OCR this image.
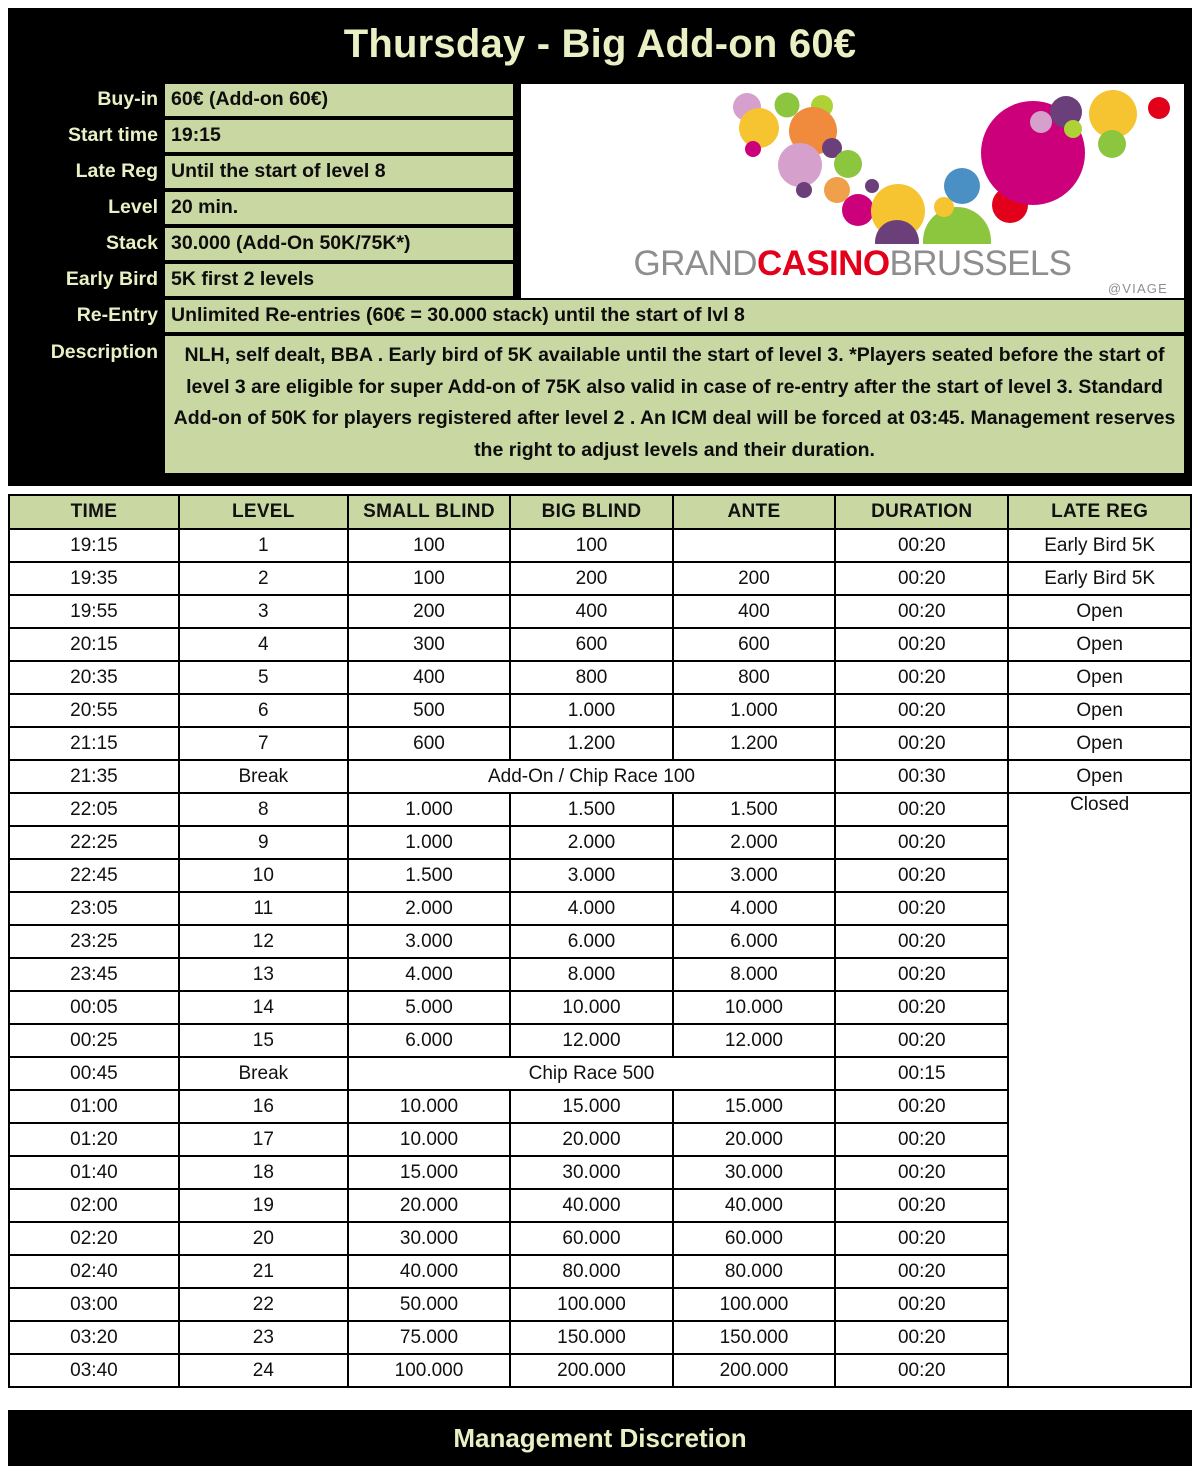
Thursday - Big Add-on 60€
Buy-in 60€ (Add-on 60€)
Start time 19:15
Late Reg Until the start of level 8
Level 20 min.
Stack 30.000 (Add-On 50K/75K*)
Early Bird 5K first 2 levels
Re-Entry Unlimited Re-entries (60€ = 30.000 stack) until the start of lvl 8
Description	NLH, self dealt, BBA . Early bird of 5K available until the start of level 3. *Players seated before the start of level 3 are eligible for super Add-on of 75K also valid in case of re-entry after the start of level 3. Standard Add-on of 50K for players registered after level 2 . An ICM deal will be forced at 03:45. Management reserves the right to adjust levels and their duration.
GRANDCASINOBRUSSELS
@VIAGE
TIME	LEVEL	SMALL BLIND	BIG BLIND	ANTE	DURATION	LATE REG
19:15	1	100	100		00:20	Early Bird 5K
19:35	2	100	200	200	00:20	Early Bird 5K
19:55	3	200	400	400	00:20	Open
20:15	4	300	600	600	00:20	Open
20:35	5	400	800	800	00:20	Open
20:55	6	500	1.000	1.000	00:20	Open
21:15	7	600	1.200	1.200	00:20	Open
21:35	Break	Add-On / Chip Race 100			00:30	Open
22:05	8	1.000	1.500	1.500	00:20	Closed
22:25	9	1.000	2.000	2.000	00:20	
22:45	10	1.500	3.000	3.000	00:20	
23:05	11	2.000	4.000	4.000	00:20	
23:25	12	3.000	6.000	6.000	00:20	
23:45	13	4.000	8.000	8.000	00:20	
00:05	14	5.000	10.000	10.000	00:20	
00:25	15	6.000	12.000	12.000	00:20	
00:45	Break	Chip Race 500			00:15	
01:00	16	10.000	15.000	15.000	00:20	
01:20	17	10.000	20.000	20.000	00:20	
01:40	18	15.000	30.000	30.000	00:20	
02:00	19	20.000	40.000	40.000	00:20	
02:20	20	30.000	60.000	60.000	00:20	
02:40	21	40.000	80.000	80.000	00:20	
03:00	22	50.000	100.000	100.000	00:20	
03:20	23	75.000	150.000	150.000	00:20	
03:40	24	100.000	200.000	200.000	00:20	
Management Discretion
